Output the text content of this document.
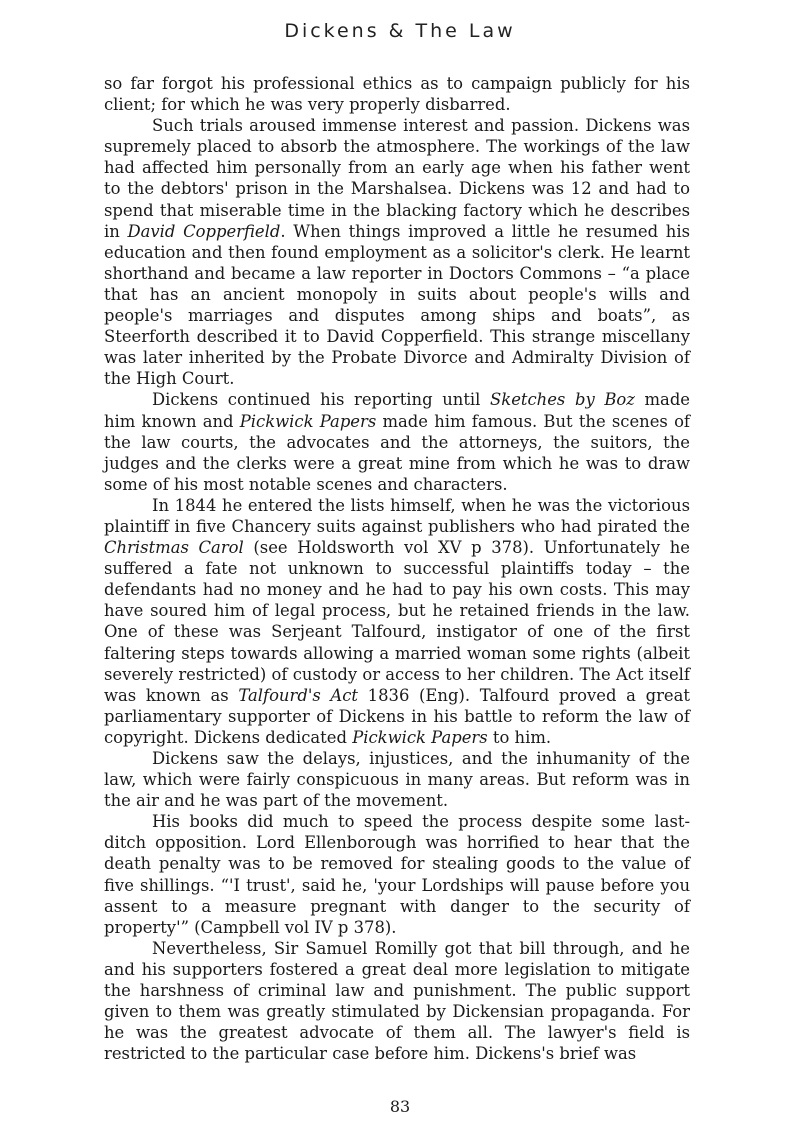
Dickens & The Law

so far forgot his professional ethics as to campaign publicly for his client; for which he was very properly disbarred.

Such trials aroused immense interest and passion. Dickens was supremely placed to absorb the atmosphere. The workings of the law had affected him personally from an early age when his father went to the debtors' prison in the Marshalsea. Dickens was 12 and had to spend that miserable time in the blacking factory which he describes in David Copperfield. When things improved a little he resumed his education and then found employment as a solicitor's clerk. He learnt shorthand and became a law reporter in Doctors Commons – “a place that has an ancient monopoly in suits about people's wills and people's marriages and disputes among ships and boats”, as Steerforth described it to David Copperfield. This strange miscellany was later inherited by the Probate Divorce and Admiralty Division of the High Court.

Dickens continued his reporting until Sketches by Boz made him known and Pickwick Papers made him famous. But the scenes of the law courts, the advocates and the attorneys, the suitors, the judges and the clerks were a great mine from which he was to draw some of his most notable scenes and characters.

In 1844 he entered the lists himself, when he was the victorious plaintiff in five Chancery suits against publishers who had pirated the Christmas Carol (see Holdsworth vol XV p 378). Unfortunately he suffered a fate not unknown to successful plaintiffs today – the defendants had no money and he had to pay his own costs. This may have soured him of legal process, but he retained friends in the law. One of these was Serjeant Talfourd, instigator of one of the first faltering steps towards allowing a married woman some rights (albeit severely restricted) of custody or access to her children. The Act itself was known as Talfourd's Act 1836 (Eng). Talfourd proved a great parliamentary supporter of Dickens in his battle to reform the law of copyright. Dickens dedicated Pickwick Papers to him.

Dickens saw the delays, injustices, and the inhumanity of the law, which were fairly conspicuous in many areas. But reform was in the air and he was part of the movement.

His books did much to speed the process despite some last-ditch opposition. Lord Ellenborough was horrified to hear that the death penalty was to be removed for stealing goods to the value of five shillings. “'I trust', said he, 'your Lordships will pause before you assent to a measure pregnant with danger to the security of property'” (Campbell vol IV p 378).

Nevertheless, Sir Samuel Romilly got that bill through, and he and his supporters fostered a great deal more legislation to mitigate the harshness of criminal law and punishment. The public support given to them was greatly stimulated by Dickensian propaganda. For he was the greatest advocate of them all. The lawyer's field is restricted to the particular case before him. Dickens's brief was

83
